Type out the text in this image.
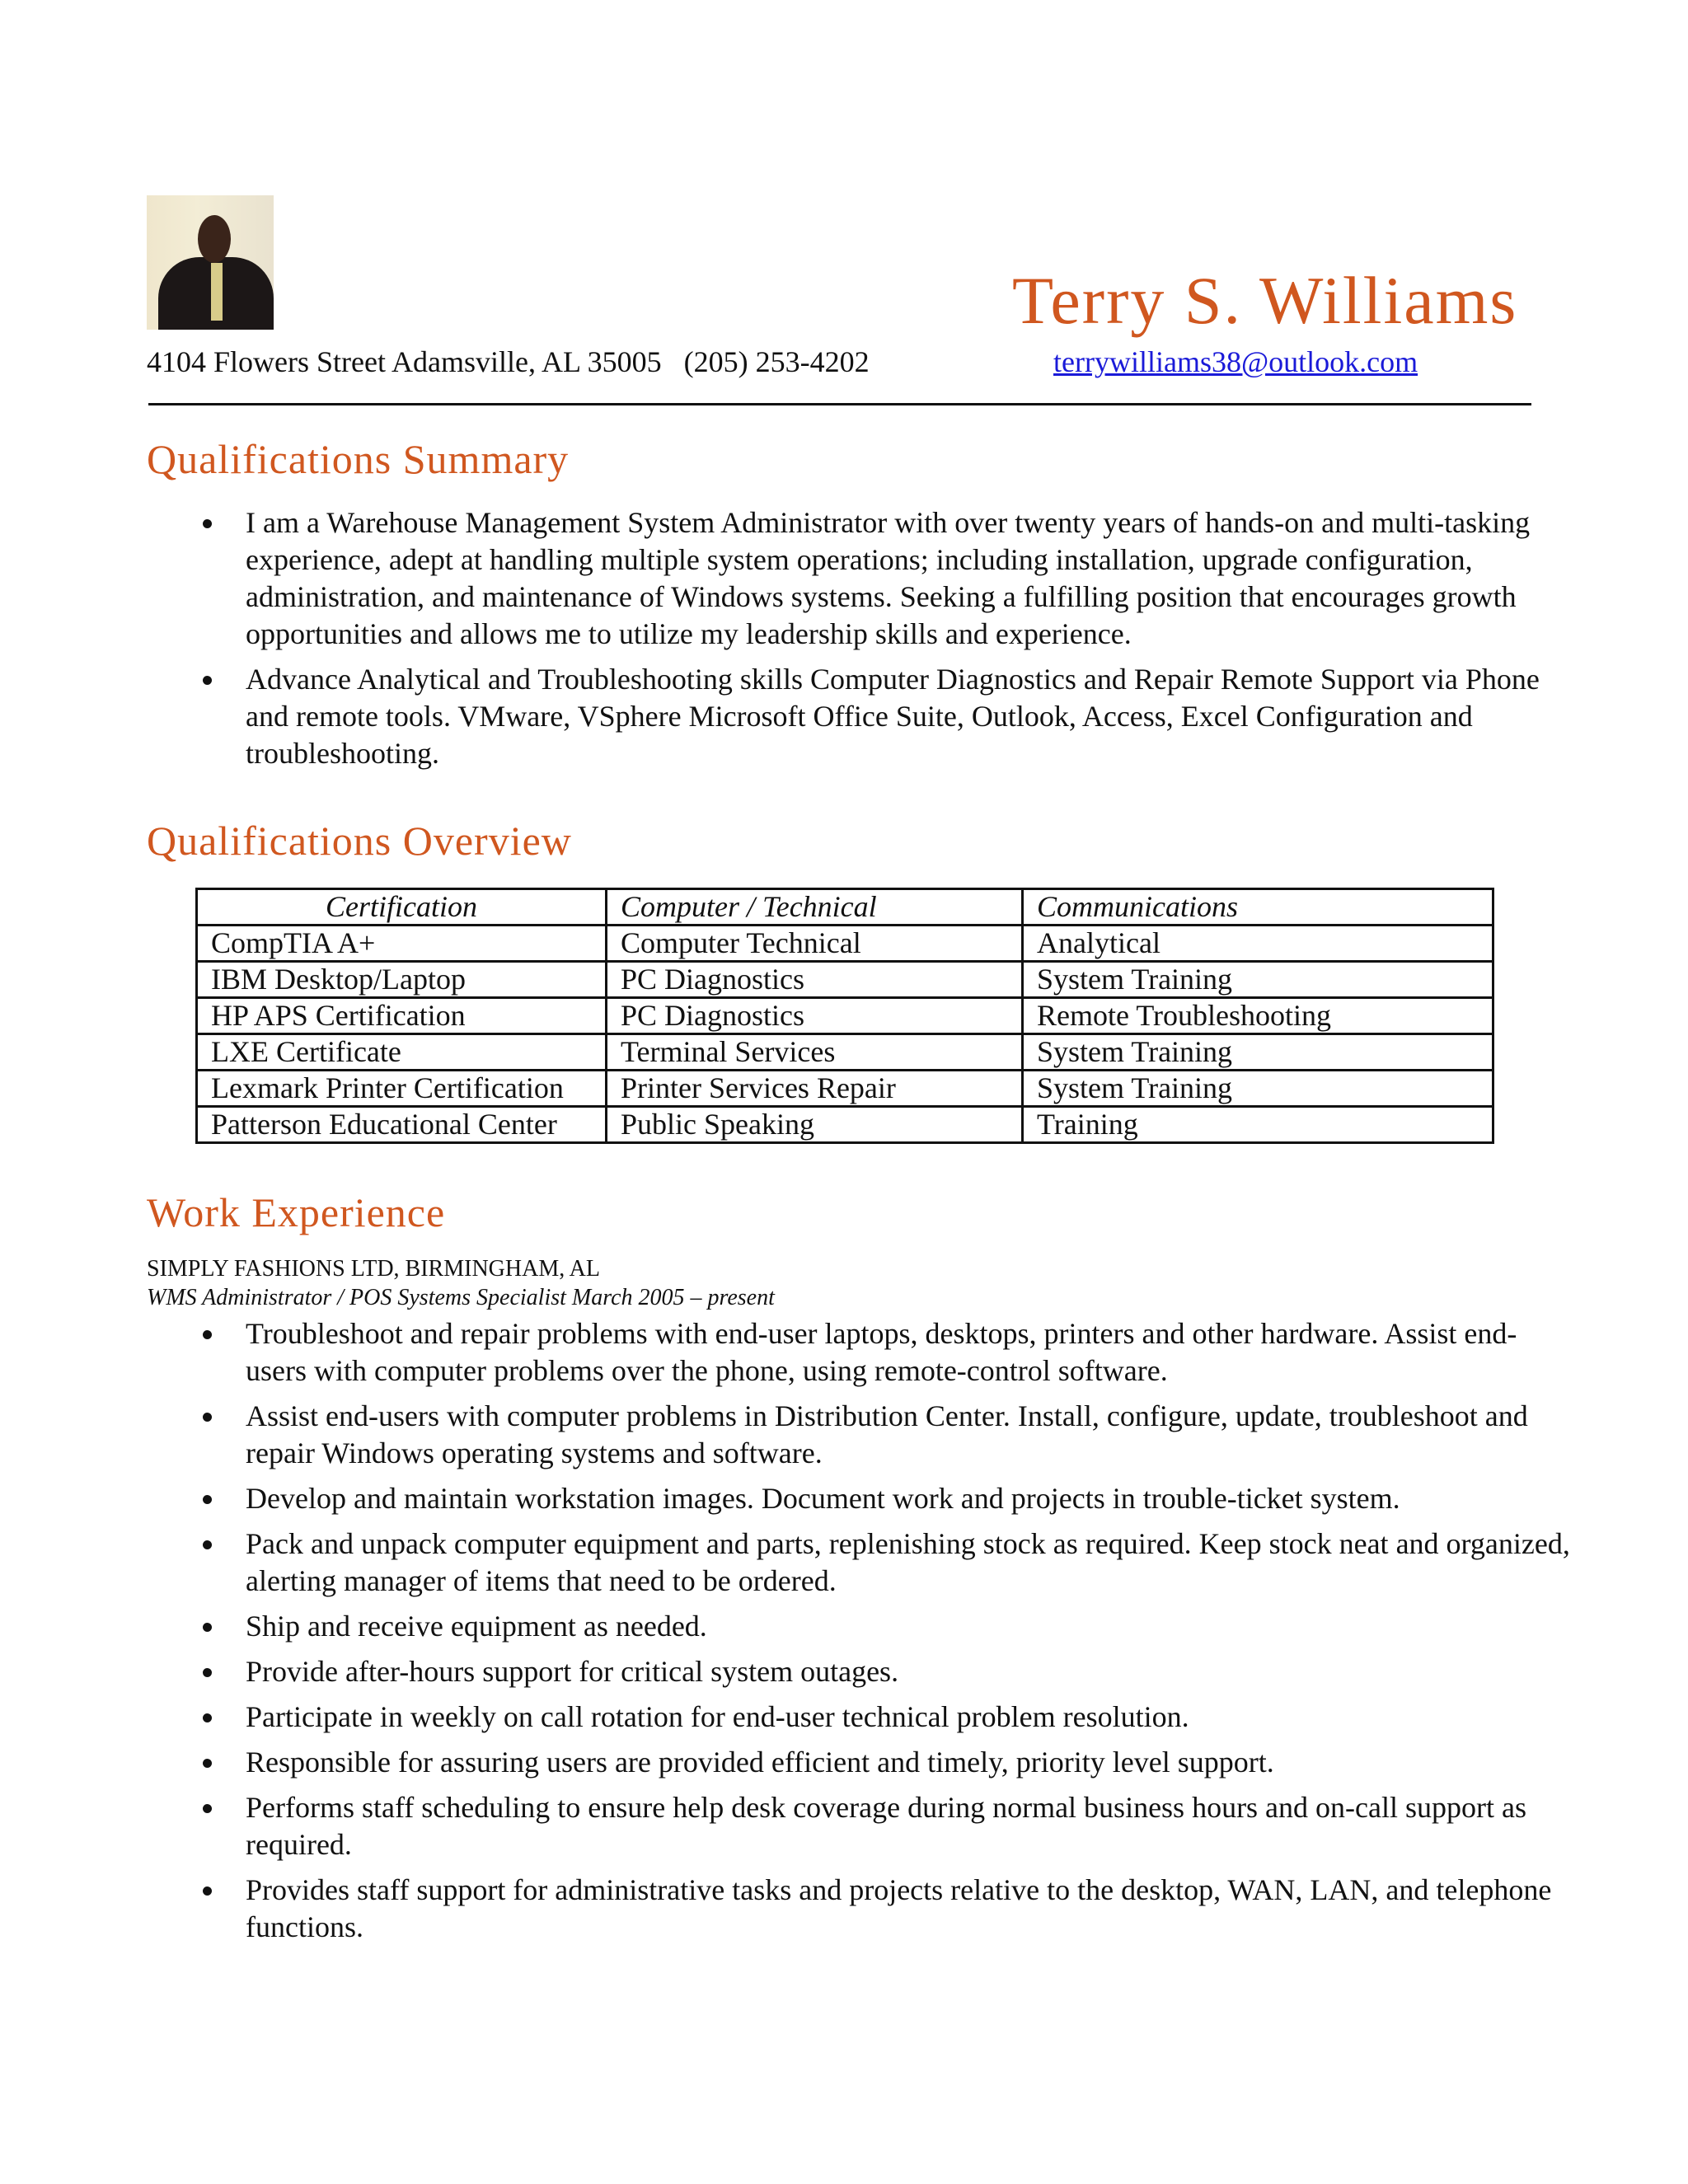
Terry S. Williams
4104 Flowers Street Adamsville, AL 35005 (205) 253-4202	terrywilliams38@outlook.com
Qualifications Summary
I am a Warehouse Management System Administrator with over twenty years of hands-on and multi-tasking experience, adept at handling multiple system operations; including installation, upgrade configuration, administration, and maintenance of Windows systems. Seeking a fulfilling position that encourages growth opportunities and allows me to utilize my leadership skills and experience.
Advance Analytical and Troubleshooting skills Computer Diagnostics and Repair Remote Support via Phone and remote tools. VMware, VSphere Microsoft Office Suite, Outlook, Access, Excel Configuration and troubleshooting.
Qualifications Overview
Certification	Computer / Technical	Communications
CompTIA A+	Computer Technical	Analytical
IBM Desktop/Laptop	PC Diagnostics	System Training
HP APS Certification	PC Diagnostics	Remote Troubleshooting
LXE Certificate	Terminal Services	System Training
Lexmark Printer Certification	Printer Services Repair	System Training
Patterson Educational Center	Public Speaking	Training
Work Experience
SIMPLY FASHIONS LTD, BIRMINGHAM, AL
WMS Administrator / POS Systems Specialist March 2005 – present
Troubleshoot and repair problems with end-user laptops, desktops, printers and other hardware. Assist end-users with computer problems over the phone, using remote-control software.
Assist end-users with computer problems in Distribution Center. Install, configure, update, troubleshoot and repair Windows operating systems and software.
Develop and maintain workstation images. Document work and projects in trouble-ticket system.
Pack and unpack computer equipment and parts, replenishing stock as required. Keep stock neat and organized, alerting manager of items that need to be ordered.
Ship and receive equipment as needed.
Provide after-hours support for critical system outages.
Participate in weekly on call rotation for end-user technical problem resolution.
Responsible for assuring users are provided efficient and timely, priority level support.
Performs staff scheduling to ensure help desk coverage during normal business hours and on-call support as required.
Provides staff support for administrative tasks and projects relative to the desktop, WAN, LAN, and telephone functions.
